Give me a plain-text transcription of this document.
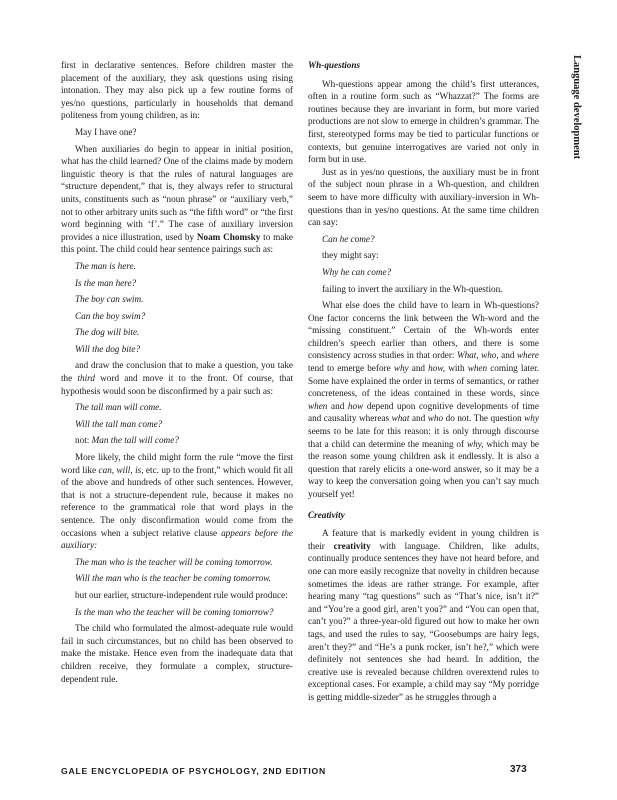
Language development

first in declarative sentences. Before children master the placement of the auxiliary, they ask questions using rising intonation. They may also pick up a few routine forms of yes/no questions, particularly in households that demand politeness from young children, as in:

May I have one?

When auxiliaries do begin to appear in initial position, what has the child learned? One of the claims made by modern linguistic theory is that the rules of natural languages are “structure dependent,” that is, they always refer to structural units, constituents such as “noun phrase” or “auxiliary verb,” not to other arbitrary units such as “the fifth word” or “the first word beginning with ‘f’.” The case of auxiliary inversion provides a nice illustration, used by Noam Chomsky to make this point. The child could hear sentence pairings such as:

The man is here.

Is the man here?

The boy can swim.

Can the boy swim?

The dog will bite.

Will the dog bite?

and draw the conclusion that to make a question, you take the third word and move it to the front. Of course, that hypothesis would soon be disconfirmed by a pair such as:

The tall man will come.

Will the tall man come?

not: Man the tall will come?

More likely, the child might form the rule “move the first word like can, will, is, etc. up to the front,” which would fit all of the above and hundreds of other such sentences. However, that is not a structure-dependent rule, because it makes no reference to the grammatical role that word plays in the sentence. The only disconfirmation would come from the occasions when a subject relative clause appears before the auxiliary:

The man who is the teacher will be coming tomorrow.

Will the man who is the teacher be coming tomorrow.

but our earlier, structure-independent rule would produce:

Is the man who the teacher will be coming tomorrow?

The child who formulated the almost-adequate rule would fail in such circumstances, but no child has been observed to make the mistake. Hence even from the inadequate data that children receive, they formulate a complex, structure-dependent rule.

Wh-questions

Wh-questions appear among the child’s first utterances, often in a routine form such as “Whazzat?” The forms are routines because they are invariant in form, but more varied productions are not slow to emerge in children’s grammar. The first, stereotyped forms may be tied to particular functions or contexts, but genuine interrogatives are varied not only in form but in use.

Just as in yes/no questions, the auxiliary must be in front of the subject noun phrase in a Wh-question, and children seem to have more difficulty with auxiliary-inversion in Wh-questions than in yes/no questions. At the same time children can say:

Can he come?

they might say:

Why he can come?

failing to invert the auxiliary in the Wh-question.

What else does the child have to learn in Wh-questions? One factor concerns the link between the Wh-word and the “missing constituent.” Certain of the Wh-words enter children’s speech earlier than others, and there is some consistency across studies in that order: What, who, and where tend to emerge before why and how, with when coming later. Some have explained the order in terms of semantics, or rather concreteness, of the ideas contained in these words, since when and how depend upon cognitive developments of time and causality whereas what and who do not. The question why seems to be late for this reason: it is only through discourse that a child can determine the meaning of why, which may be the reason some young children ask it endlessly. It is also a question that rarely elicits a one-word answer, so it may be a way to keep the conversation going when you can’t say much yourself yet!

Creativity

A feature that is markedly evident in young children is their creativity with language. Children, like adults, continually produce sentences they have not heard before, and one can more easily recognize that novelty in children because sometimes the ideas are rather strange. For example, after hearing many “tag questions” such as “That’s nice, isn’t it?” and “You’re a good girl, aren’t you?” and “You can open that, can’t you?” a three-year-old figured out how to make her own tags, and used the rules to say, “Goosebumps are hairy legs, aren’t they?” and “He’s a punk rocker, isn’t he?,” which were definitely not sentences she had heard. In addition, the creative use is revealed because children overextend rules to exceptional cases. For example, a child may say “My porridge is getting middle-sizeder” as he struggles through a

GALE ENCYCLOPEDIA OF PSYCHOLOGY, 2ND EDITION	373
